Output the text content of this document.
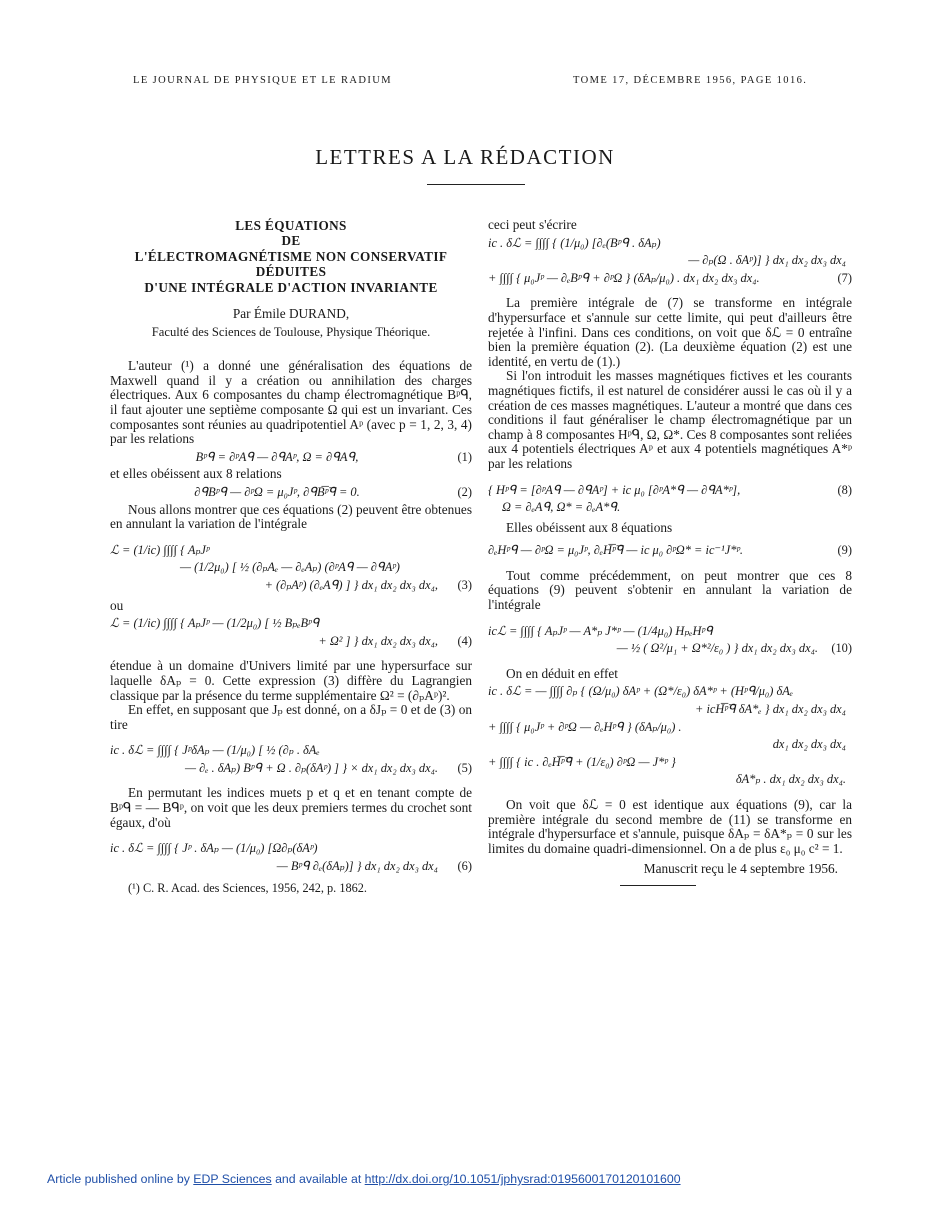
LE JOURNAL DE PHYSIQUE ET LE RADIUM	TOME 17, DÉCEMBRE 1956, PAGE 1016.
LETTRES A LA RÉDACTION
LES ÉQUATIONS
DE
L'ÉLECTROMAGNÉTISME NON CONSERVATIF
DÉDUITES
D'UNE INTÉGRALE D'ACTION INVARIANTE
Par Émile DURAND,
Faculté des Sciences de Toulouse, Physique Théorique.

L'auteur (¹) a donné une généralisation des équations de Maxwell quand il y a création ou annihilation des charges électriques. Aux 6 composantes du champ électromagnétique Bᵖᑫ, il faut ajouter une septième composante Ω qui est un invariant. Ces composantes sont réunies au quadripotentiel Aᵖ (avec p = 1, 2, 3, 4) par les relations

Bᵖᑫ = ∂ᵖAᑫ — ∂ᑫAᵖ, Ω = ∂ᑫAᑫ,	(1)

et elles obéissent aux 8 relations

∂ᑫBᵖᑫ — ∂ᵖΩ = μ₀Jᵖ, ∂ᑫB͞ᵖ͞ᑫ = 0.	(2)

Nous allons montrer que ces équations (2) peuvent être obtenues en annulant la variation de l'intégrale

ℒ = (1/ic) ∫∫∫∫ { AₚJᵖ
— (1/2μ₀) [ ½ (∂ₚAₑ — ∂ₑAₚ) (∂ᵖAᑫ — ∂ᑫAᵖ)
+ (∂ₚAᵖ) (∂ₑAᑫ) ] } dx₁ dx₂ dx₃ dx₄,	(3)

ou

ℒ = (1/ic) ∫∫∫∫ { AₚJᵖ — (1/2μ₀) [ ½ BₚₑBᵖᑫ
+ Ω² ] } dx₁ dx₂ dx₃ dx₄,	(4)

étendue à un domaine d'Univers limité par une hypersurface sur laquelle δAₚ = 0. Cette expression (3) diffère du Lagrangien classique par la présence du terme supplémentaire Ω² = (∂ₚAᵖ)².

En effet, en supposant que Jₚ est donné, on a δJₚ = 0 et de (3) on tire

ic . δℒ = ∫∫∫∫ { JᵖδAₚ — (1/μ₀) [ ½ (∂ₚ . δAₑ
— ∂ₑ . δAₚ) Bᵖᑫ + Ω . ∂ₚ(δAᵖ) ] } × dx₁ dx₂ dx₃ dx₄.	(5)

En permutant les indices muets p et q et en tenant compte de Bᵖᑫ = — Bᑫᵖ, on voit que les deux premiers termes du crochet sont égaux, d'où

ic . δℒ = ∫∫∫∫ { Jᵖ . δAₚ — (1/μ₀) [Ω∂ₚ(δAᵖ)
— Bᵖᑫ ∂ₑ(δAₚ)] } dx₁ dx₂ dx₃ dx₄	(6)
(¹) C. R. Acad. des Sciences, 1956, 242, p. 1862.

ceci peut s'écrire

ic . δℒ = ∫∫∫∫ { (1/μ₀) [∂ₑ(Bᵖᑫ . δAₚ)
— ∂ₚ(Ω . δAᵖ)] } dx₁ dx₂ dx₃ dx₄
+ ∫∫∫∫ { μ₀Jᵖ — ∂ₑBᵖᑫ + ∂ᵖΩ } (δAₚ/μ₀) . dx₁ dx₂ dx₃ dx₄.	(7)

La première intégrale de (7) se transforme en intégrale d'hypersurface et s'annule sur cette limite, qui peut d'ailleurs être rejetée à l'infini. Dans ces conditions, on voit que δℒ = 0 entraîne bien la première équation (2). (La deuxième équation (2) est une identité, en vertu de (1).)

Si l'on introduit les masses magnétiques fictives et les courants magnétiques fictifs, il est naturel de considérer aussi le cas où il y a création de ces masses magnétiques. L'auteur a montré que dans ces conditions il faut généraliser le champ électromagnétique par un champ à 8 composantes Hᵖᑫ, Ω, Ω*. Ces 8 composantes sont reliées aux 4 potentiels électriques Aᵖ et aux 4 potentiels magnétiques A*ᵖ par les relations

{ Hᵖᑫ = [∂ᵖAᑫ — ∂ᑫAᵖ] + ic μ₀ [∂ᵖA*ᑫ — ∂ᑫA*ᵖ],	(8)
Ω = ∂ₑAᑫ, Ω* = ∂ₑA*ᑫ.

Elles obéissent aux 8 équations

∂ₑHᵖᑫ — ∂ᵖΩ = μ₀Jᵖ, ∂ₑH͞ᵖ͞ᑫ — ic μ₀ ∂ᵖΩ* = ic⁻¹J*ᵖ.	(9)

Tout comme précédemment, on peut montrer que ces 8 équations (9) peuvent s'obtenir en annulant la variation de l'intégrale

icℒ = ∫∫∫∫ { AₚJᵖ — A*ₚ J*ᵖ — (1/4μ₀) HₚₑHᵖᑫ
— ½ ( Ω²/μ₁ + Ω*²/ε₀ ) } dx₁ dx₂ dx₃ dx₄.	(10)

On en déduit en effet

ic . δℒ = — ∫∫∫∫ ∂ₚ { (Ω/μ₀) δAᵖ + (Ω*/ε₀) δA*ᵖ + (Hᵖᑫ/μ₀) δAₑ
+ icH͞ᵖ͞ᑫ δA*ₑ } dx₁ dx₂ dx₃ dx₄
+ ∫∫∫∫ { μ₀Jᵖ + ∂ᵖΩ — ∂ₑHᵖᑫ } (δAₚ/μ₀) .
dx₁ dx₂ dx₃ dx₄
+ ∫∫∫∫ { ic . ∂ₑH͞ᵖ͞ᑫ + (1/ε₀) ∂ᵖΩ — J*ᵖ }
δA*ₚ . dx₁ dx₂ dx₃ dx₄.

On voit que δℒ = 0 est identique aux équations (9), car la première intégrale du second membre de (11) se transforme en intégrale d'hypersurface et s'annule, puisque δAₚ = δA*ₚ = 0 sur les limites du domaine quadri-dimensionnel. On a de plus ε₀ μ₀ c² = 1.

Manuscrit reçu le 4 septembre 1956.
Article published online by EDP Sciences and available at http://dx.doi.org/10.1051/jphysrad:0195600170120101600
